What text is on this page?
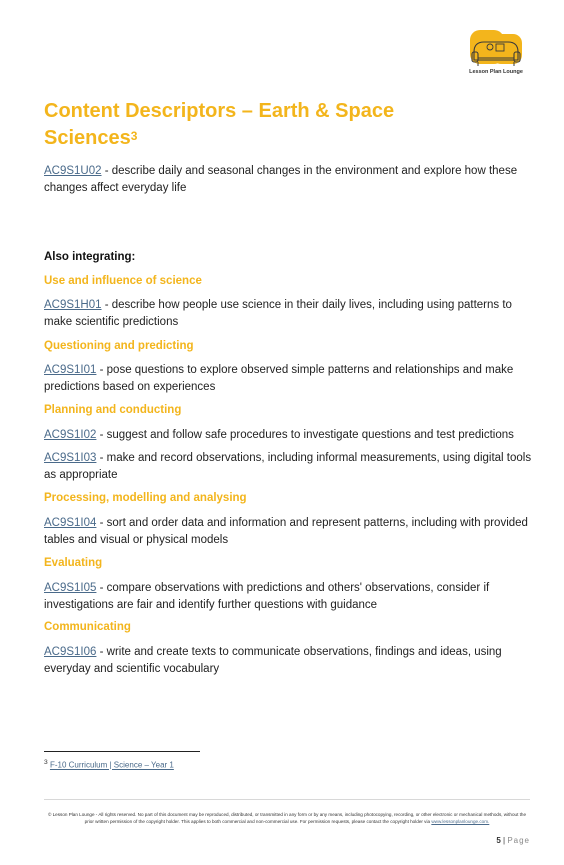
Lesson Plan Lounge
Content Descriptors – Earth & Space Sciences$^3$
AC9S1U02 - describe daily and seasonal changes in the environment and explore how these changes affect everyday life
Also integrating:
Use and influence of science
AC9S1H01 - describe how people use science in their daily lives, including using patterns to make scientific predictions
Questioning and predicting
AC9S1I01 - pose questions to explore observed simple patterns and relationships and make predictions based on experiences
Planning and conducting
AC9S1I02 - suggest and follow safe procedures to investigate questions and test predictions
AC9S1I03 - make and record observations, including informal measurements, using digital tools as appropriate
Processing, modelling and analysing
AC9S1I04 - sort and order data and information and represent patterns, including with provided tables and visual or physical models
Evaluating
AC9S1I05 - compare observations with predictions and others' observations, consider if investigations are fair and identify further questions with guidance
Communicating
AC9S1I06 - write and create texts to communicate observations, findings and ideas, using everyday and scientific vocabulary
$^3$ F-10 Curriculum | Science – Year 1
© Lesson Plan Lounge - All rights reserved. No part of this document may be reproduced, distributed, or transmitted in any form or by any means, including photocopying, recording, or other electronic or mechanical methods, without the prior written permission of the copyright holder. This applies to both commercial and non-commercial use. For permission requests, please contact the copyright holder via www.lessonplanlounge.com.
5 | Page
